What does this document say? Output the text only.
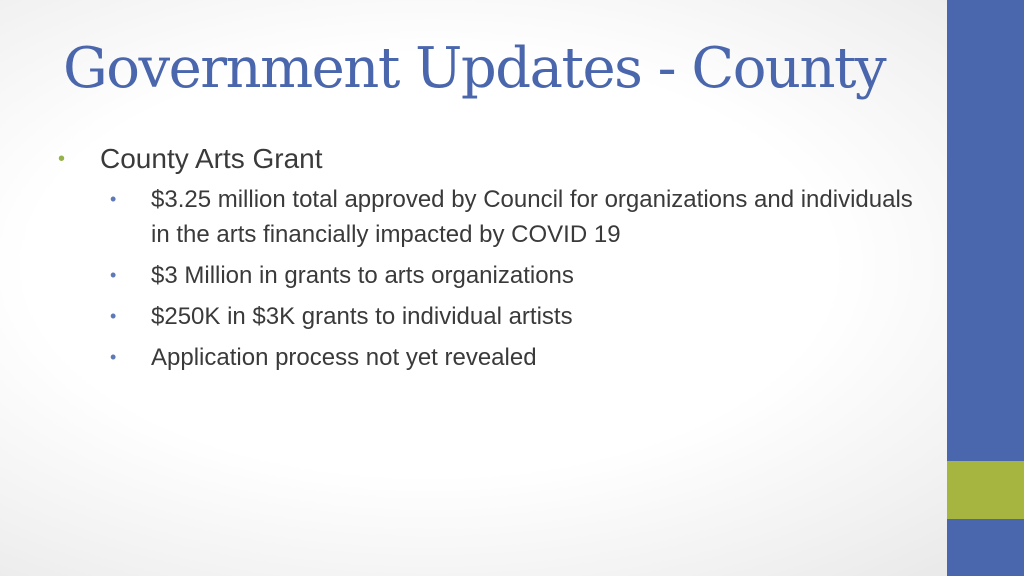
Government Updates - County
• County Arts Grant
• $3.25 million total approved by Council for organizations and individuals in the arts financially impacted by COVID 19
• $3 Million in grants to arts organizations
• $250K in $3K grants to individual artists
• Application process not yet revealed
